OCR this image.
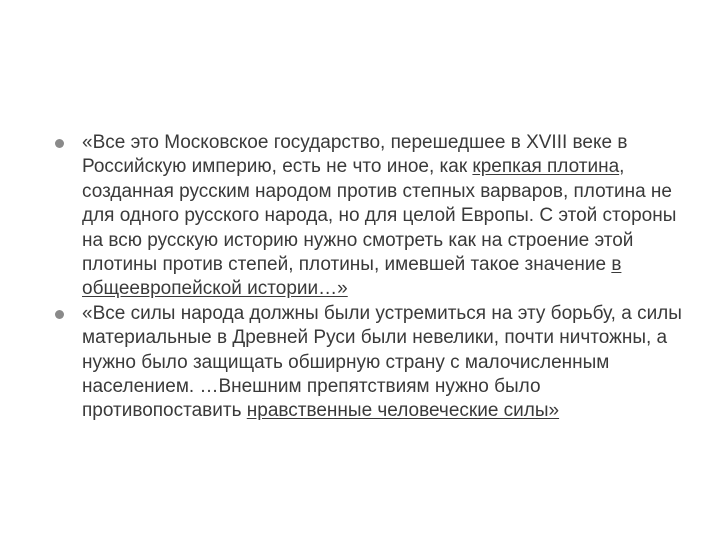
«Все это Московское государство, перешедшее в XVIII веке в Российскую империю, есть не что иное, как крепкая плотина, созданная русским народом против степных варваров, плотина не для одного русского народа, но для целой Европы. С этой стороны на всю русскую историю нужно смотреть как на строение этой плотины против степей, плотины, имевшей такое значение в общеевропейской истории…»
«Все силы народа должны были устремиться на эту борьбу, а силы материальные в Древней Руси были невелики, почти ничтожны, а нужно было защищать обширную страну с малочисленным населением. …Внешним препятствиям нужно было противопоставить нравственные человеческие силы»
